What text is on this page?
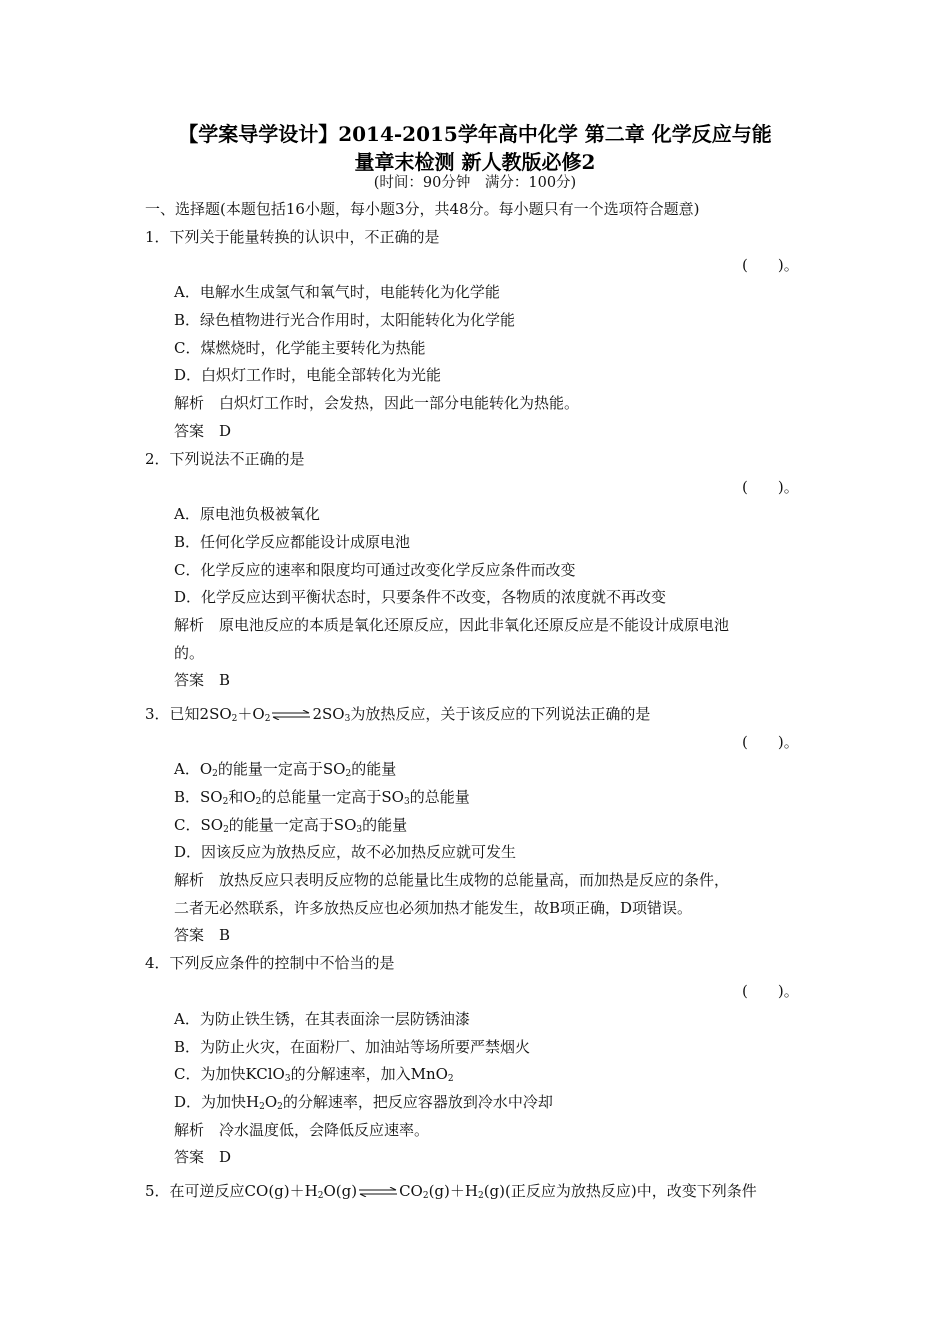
【学案导学设计】2014-2015学年高中化学 第二章 化学反应与能
量章末检测 新人教版必修2
(时间：90分钟　满分：100分)
一、选择题(本题包括16小题，每小题3分，共48分。每小题只有一个选项符合题意)
1．下列关于能量转换的认识中，不正确的是
(　　)。
A．电解水生成氢气和氧气时，电能转化为化学能
B．绿色植物进行光合作用时，太阳能转化为化学能
C．煤燃烧时，化学能主要转化为热能
D．白炽灯工作时，电能全部转化为光能
解析　白炽灯工作时，会发热，因此一部分电能转化为热能。
答案　D
2．下列说法不正确的是
(　　)。
A．原电池负极被氧化
B．任何化学反应都能设计成原电池
C．化学反应的速率和限度均可通过改变化学反应条件而改变
D．化学反应达到平衡状态时，只要条件不改变，各物质的浓度就不再改变
解析　原电池反应的本质是氧化还原反应，因此非氧化还原反应是不能设计成原电池
的。
答案　B
3．已知$2SO_2+O_2\rightleftharpoons 2SO_3$为放热反应，关于该反应的下列说法正确的是
(　　)。
A．$O_2$的能量一定高于$SO_2$的能量
B．$SO_2$和$O_2$的总能量一定高于$SO_3$的总能量
C．$SO_2$的能量一定高于$SO_3$的能量
D．因该反应为放热反应，故不必加热反应就可发生
解析　放热反应只表明反应物的总能量比生成物的总能量高，而加热是反应的条件，
二者无必然联系，许多放热反应也必须加热才能发生，故B项正确，D项错误。
答案　B
4．下列反应条件的控制中不恰当的是
(　　)。
A．为防止铁生锈，在其表面涂一层防锈油漆
B．为防止火灾，在面粉厂、加油站等场所要严禁烟火
C．为加快KClO$_3$的分解速率，加入MnO$_2$
D．为加快$H_2O_2$的分解速率，把反应容器放到冷水中冷却
解析　冷水温度低，会降低反应速率。
答案　D
5．在可逆反应$CO(g)+H_2O(g)\rightleftharpoons CO_2(g)+H_2(g)$(正反应为放热反应)中，改变下列条件
